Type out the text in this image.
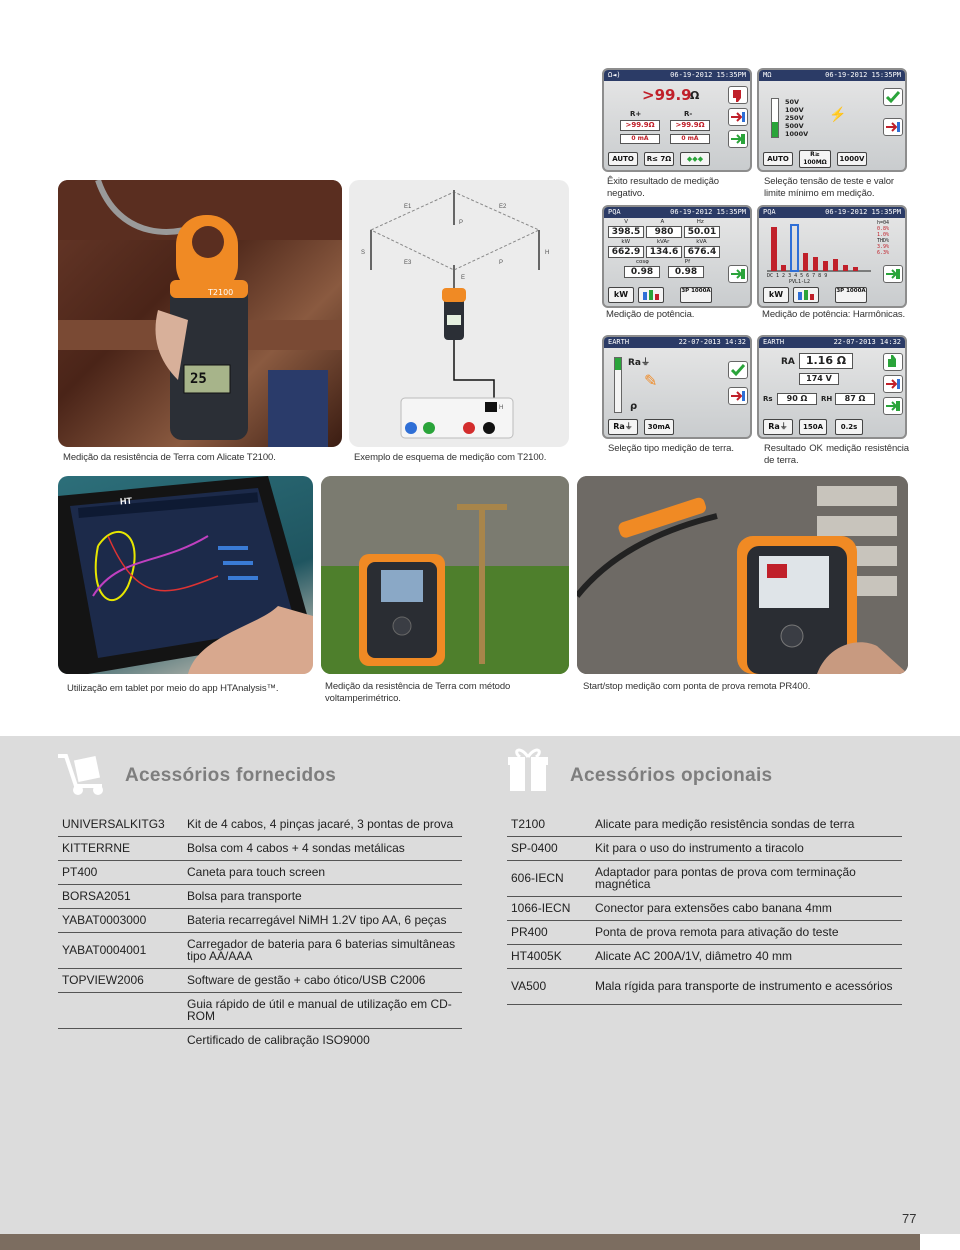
T2100
25
Medição da resistência de Terra com Alicate T2100.
E1	E2
E3	P
H
S
P
E
H
Exemplo de esquema de medição com T2100.
Ω◄)	06-19-2012 15:35PM
>99.9
Ω
R+	R-
>99.9Ω	>99.9Ω
0 mA	0 mA
AUTO	R≤ 7Ω	◆◆◆
Êxito resultado de medição negativo.
MΩ	06-19-2012 15:35PM
50V
100V
250V
500V
1000V
⚡
AUTO
R≥ 100MΩ	1000V
Seleção tensão de teste e valor limite mínimo em medição.
PQA	06-19-2012 15:35PM
V	A	Hz
398.5	980	50.01
kW	kVAr	kVA
662.9	134.6	676.4
cosφ	Pf
0.98	0.98
kW	3P 1000A
Medição de potência.
PQA	06-19-2012 15:35PM
h=04
0.8%
1.0%
THD%
3.9%
6.3%
DC 1 2 3 4 5 6 7 8 9
PVL1-L2
kW	3P 1000A
Medição de potência: Harmônicas.
EARTH	22-07-2013 14:32
Ra⏚
ρ
✎
Ra⏚	30mA
Seleção tipo medição de terra.
EARTH	22-07-2013 14:32
RA 1.16 Ω
174 V
Rs	90 Ω	RH	87 Ω
Ra⏚	150A	0.2s
Resultado OK medição resistência de terra.
HT
Utilização em tablet por meio do app HTAnalysis™.	Medição da resistência de Terra com método voltamperimétrico.
Start/stop medição com ponta de prova remota PR400.
Acessórios fornecidos
UNIVERSALKITG3	Kit de 4 cabos, 4 pinças jacaré, 3 pontas de prova
KITTERRNE	Bolsa com 4 cabos + 4 sondas metálicas
PT400	Caneta para touch screen
BORSA2051	Bolsa para transporte
YABAT0003000	Bateria recarregável NiMH 1.2V tipo AA, 6 peças
YABAT0004001	Carregador de bateria para 6 baterias simultâneas tipo AA/AAA
TOPVIEW2006	Software de gestão + cabo ótico/USB C2006
	Guia rápido de útil e manual de utilização em CD-ROM
	Certificado de calibração ISO9000
Acessórios opcionais
T2100	Alicate para medição resistência sondas de terra
SP-0400	Kit para o uso do instrumento a tiracolo
606-IECN	Adaptador para pontas de prova com terminação magnética
1066-IECN	Conector para extensões cabo banana 4mm
PR400	Ponta de prova remota para ativação do teste
HT4005K	Alicate AC 200A/1V, diâmetro 40 mm
VA500	Mala rígida para transporte de instrumento e acessórios
77
